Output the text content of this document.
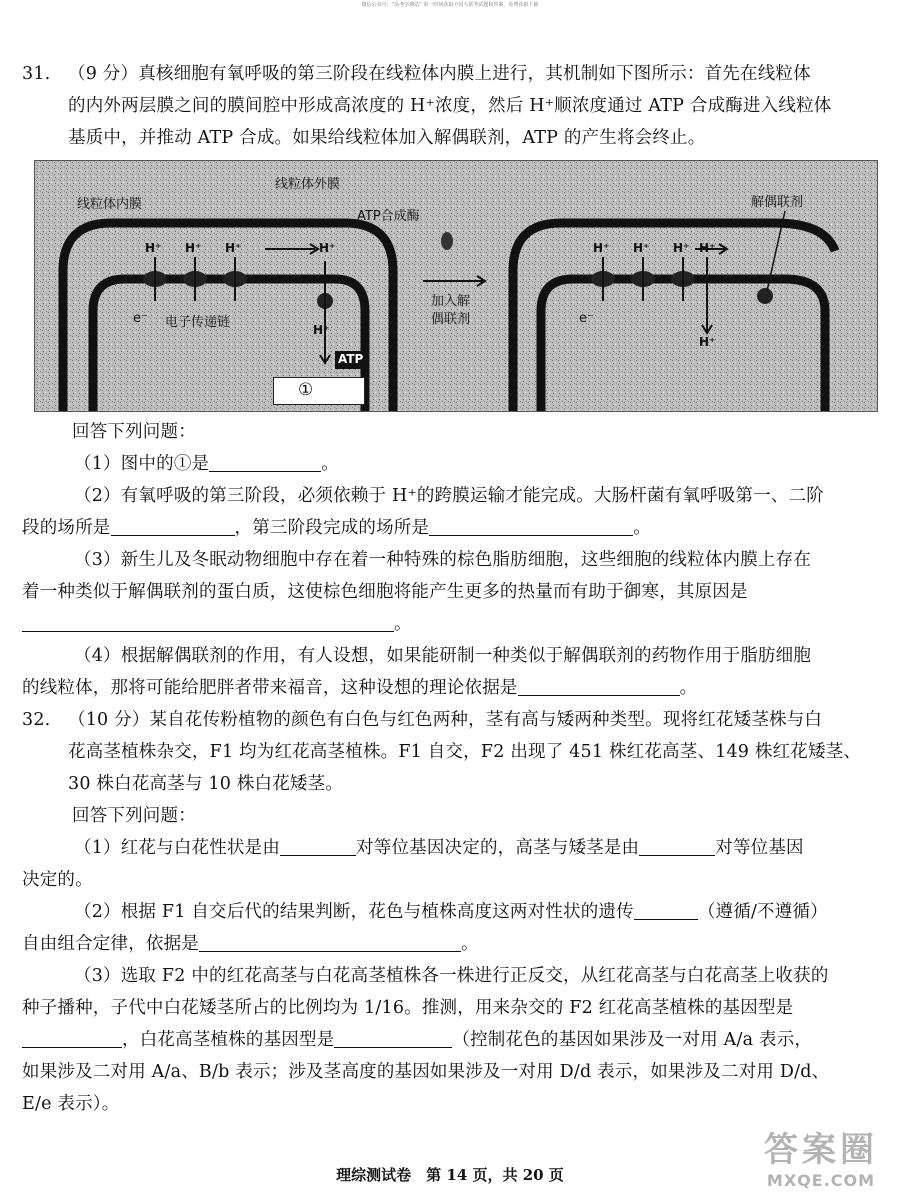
微信公众号：“高考学测站” 第一时间获取全国大联考试题和答案，免费获取下载
31. （9 分）真核细胞有氧呼吸的第三阶段在线粒体内膜上进行，其机制如下图所示：首先在线粒体
的内外两层膜之间的膜间腔中形成高浓度的 H⁺浓度，然后 H⁺顺浓度通过 ATP 合成酶进入线粒体
基质中，并推动 ATP 合成。如果给线粒体加入解偶联剂，ATP 的产生将会终止。
线粒体内膜
线粒体外膜
ATP合成酶
H⁺ H⁺ H⁺	H⁺
H⁺
e⁻ 电子传递链
ATP
①
加入解
偶联剂
解偶联剂
H⁺ H⁺ H⁺ H⁺
H⁺
e⁻
回答下列问题：
（1）图中的①是	。
（2）有氧呼吸的第三阶段，必须依赖于 H⁺的跨膜运输才能完成。大肠杆菌有氧呼吸第一、二阶
段的场所是	，第三阶段完成的场所是	。
（3）新生儿及冬眠动物细胞中存在着一种特殊的棕色脂肪细胞，这些细胞的线粒体内膜上存在
着一种类似于解偶联剂的蛋白质，这使棕色细胞将能产生更多的热量而有助于御寒，其原因是
。
（4）根据解偶联剂的作用，有人设想，如果能研制一种类似于解偶联剂的药物作用于脂肪细胞
的线粒体，那将可能给肥胖者带来福音，这种设想的理论依据是	。
32. （10 分）某自花传粉植物的颜色有白色与红色两种，茎有高与矮两种类型。现将红花矮茎株与白
花高茎植株杂交，F1 均为红花高茎植株。F1 自交，F2 出现了 451 株红花高茎、149 株红花矮茎、
30 株白花高茎与 10 株白花矮茎。
回答下列问题：
（1）红花与白花性状是由	对等位基因决定的，高茎与矮茎是由	对等位基因
决定的。
（2）根据 F1 自交后代的结果判断，花色与植株高度这两对性状的遗传	（遵循/不遵循）
自由组合定律，依据是	。
（3）选取 F2 中的红花高茎与白花高茎植株各一株进行正反交，从红花高茎与白花高茎上收获的
种子播种，子代中白花矮茎所占的比例均为 1/16。推测，用来杂交的 F2 红花高茎植株的基因型是
，白花高茎植株的基因型是	（控制花色的基因如果涉及一对用 A/a 表示，
如果涉及二对用 A/a、B/b 表示；涉及茎高度的基因如果涉及一对用 D/d 表示，如果涉及二对用 D/d、
E/e 表示）。
理综测试卷　第 14 页，共 20 页
答案圈
MXQE.COM
